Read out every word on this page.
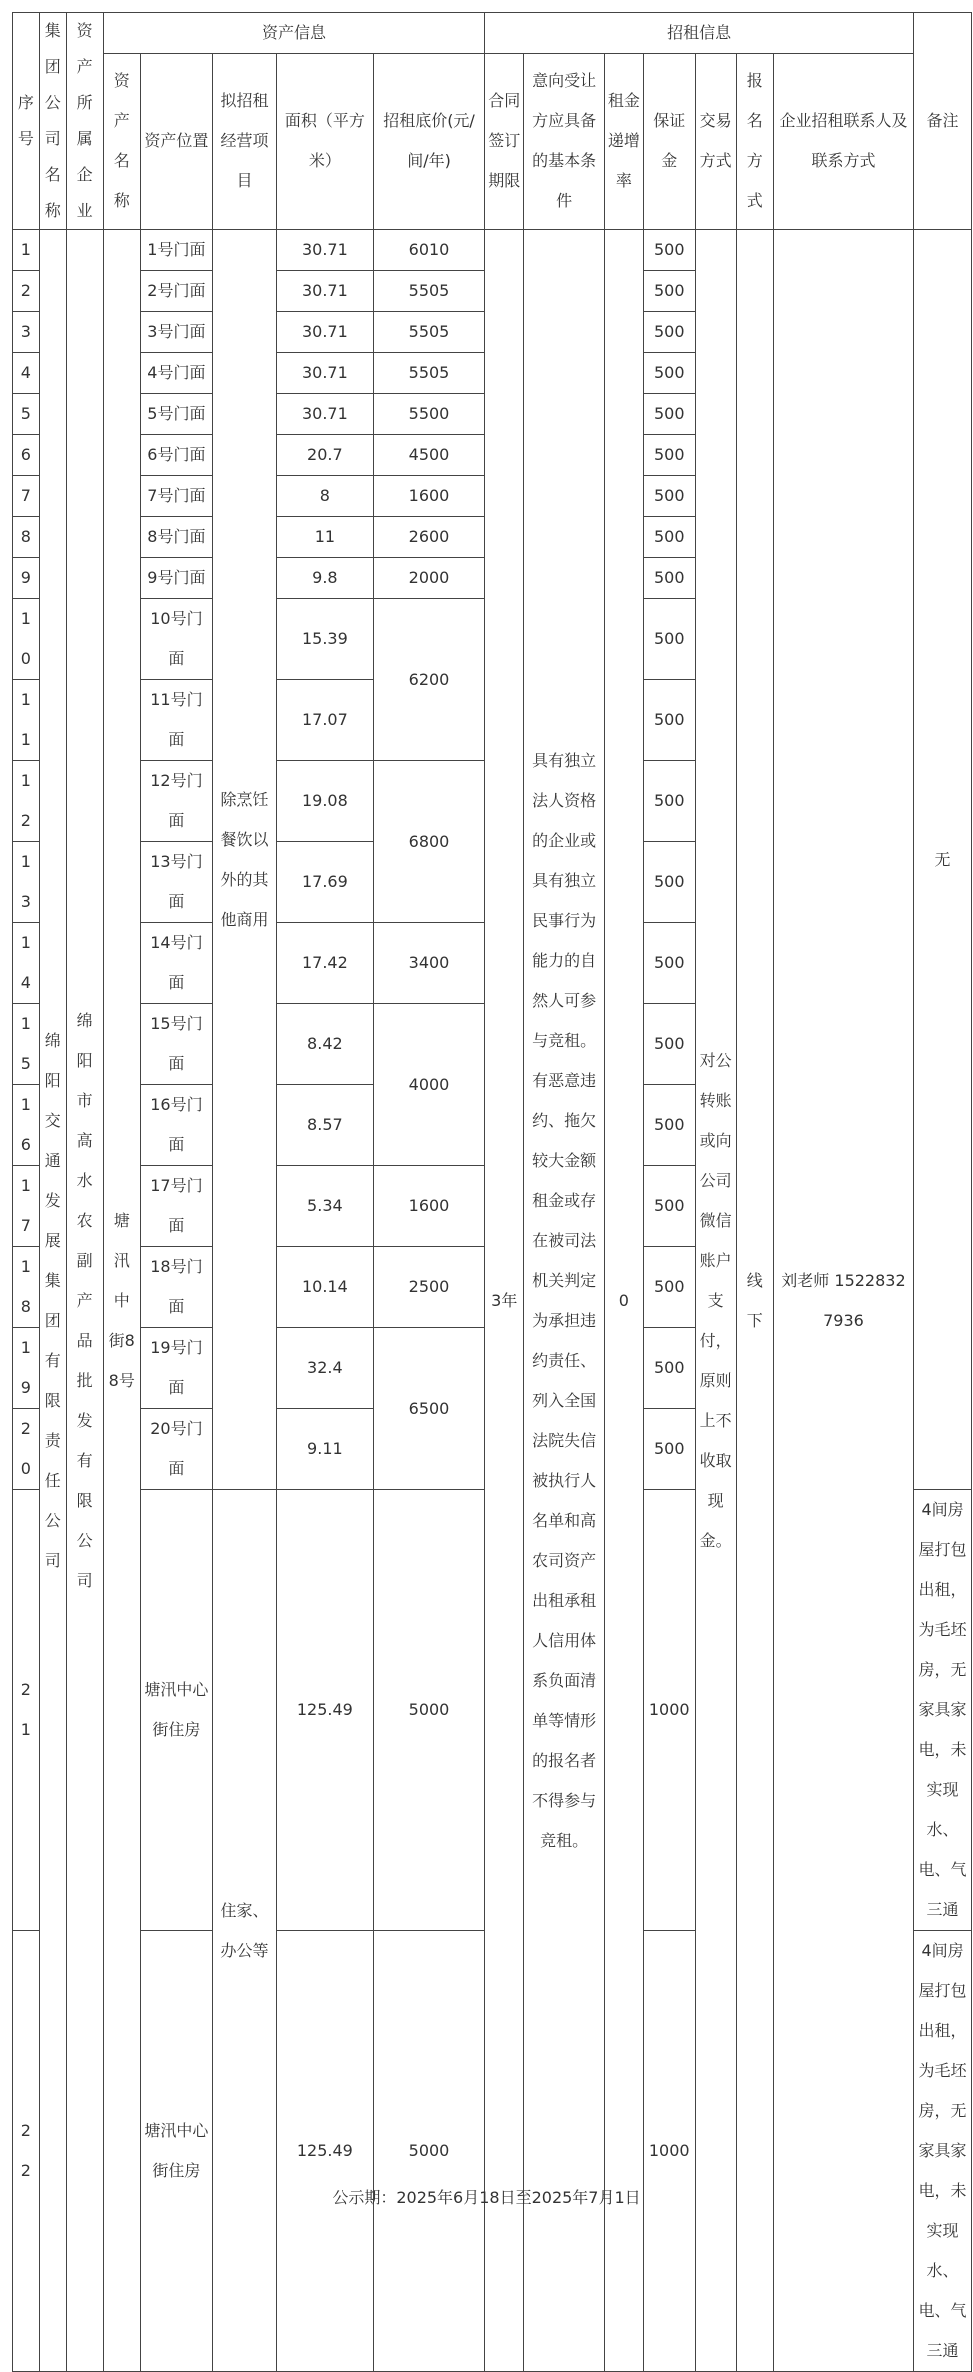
序号	集团公司名称	资产所属企业	资产信息					招租信息							备注
			资产名称	资产位置	拟招租经营项目	面积（平方米）	招租底价(元/间/年)	合同签订期限	意向受让方应具备的基本条件	租金递增率	保证金	交易方式	报名方式	企业招租联系人及联系方式	
1	绵阳交通发展集团有限责任公司	绵阳市高水农副产品批发有限公司	塘汛中街88号	1号门面	除烹饪餐饮以外的其他商用	30.71	6010	3年	具有独立法人资格的企业或具有独立民事行为能力的自然人可参与竞租。有恶意违约、拖欠较大金额租金或存在被司法机关判定为承担违约责任、列入全国法院失信被执行人名单和高农司资产出租承租人信用体系负面清单等情形的报名者不得参与竞租。	0	500	对公转账或向公司微信账户支付，原则上不收取现金。	线下	刘老师 15228327936	无
2				2号门面		30.71	5505				500				
3				3号门面		30.71	5505				500				
4				4号门面		30.71	5505				500				
5				5号门面		30.71	5500				500				
6				6号门面		20.7	4500				500				
7				7号门面		8	1600				500				
8				8号门面		11	2600				500				
9				9号门面		9.8	2000				500				
10				10号门面		15.39	6200				500				
11				11号门面		17.07					500				
12				12号门面		19.08	6800				500				
13				13号门面		17.69					500				
14				14号门面		17.42	3400				500				
15				15号门面		8.42	4000				500				
16				16号门面		8.57					500				
17				17号门面		5.34	1600				500				
18				18号门面		10.14	2500				500				
19				19号门面		32.4	6500				500				
20				20号门面		9.11					500				
21				塘汛中心街住房	住家、办公等	125.49	5000				1000				4间房屋打包出租，为毛坯房，无家具家电，未实现水、电、气三通
22				塘汛中心街住房		125.49	5000				1000				4间房屋打包出租，为毛坯房，无家具家电，未实现水、电、气三通
公示期：2025年6月18日至2025年7月1日
